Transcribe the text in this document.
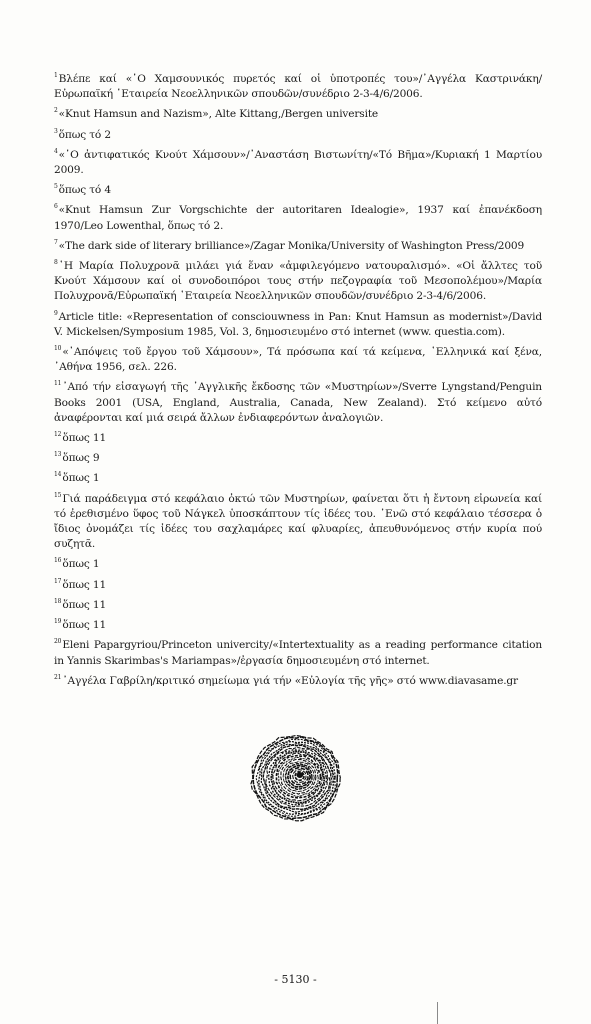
$^1$Βλέπε καί «῾Ο Χαμσουνικός πυρετός καί οἱ ὑποτροπές του»/᾿Αγγέλα Καστρινάκη/Εὐρωπαϊκή ῾Εταιρεία Νεοελληνικῶν σπουδῶν/συνέδριο 2-3-4/6/2006.

$^2$«Knut Hamsun and Nazism», Alte Kittang,/Bergen universite

$^3$ὅπως τό 2

$^4$«῾Ο ἀντιφατικός Κνούτ Χάμσουν»/᾿Αναστάση Βιστωνίτη/«Τό Βῆμα»/Κυριακή 1 Μαρτίου 2009.

$^5$ὅπως τό 4

$^6$«Knut Hamsun Zur Vorgschichte der autoritaren Idealogie», 1937 καί ἐπανέκδοση 1970/Leo Lowenthal, ὅπως τό 2.

$^7$«The dark side of literary brilliance»/Zagar Monika/University of Washington Press/2009

$^8$῾Η Μαρία Πολυχρονᾶ μιλάει γιά ἕναν «ἀμφιλεγόμενο νατουραλισμό». «Οἱ ἄλλτες τοῦ Κνούτ Χάμσουν καί οἱ συνοδοιπόροι τους στήν πεζογραφία τοῦ Μεσοπολέμου»/Μαρία Πολυχρονᾶ/Εὐρωπαϊκή ῾Εταιρεία Νεοελληνικῶν σπουδῶν/συνέδριο 2-3-4/6/2006.

$^9$Article title: «Representation of consciouwness in Pan: Knut Hamsun as modernist»/David V. Mickelsen/Symposium 1985, Vol. 3, δημοσιευμένο στό internet (www. questia.com).

$^{10}$«᾿Απόψεις τοῦ ἔργου τοῦ Χάμσουν», Τά πρόσωπα καί τά κείμενα, ῾Ελληνικά καί ξένα, ᾿Αθήνα 1956, σελ. 226.

$^{11}$᾿Από τήν εἰσαγωγή τῆς ᾿Αγγλικῆς ἔκδοσης τῶν «Μυστηρίων»/Sverre Lyngstand/Penguin Books 2001 (USA, England, Australia, Canada, New Zealand). Στό κείμενο αὐτό ἀναφέρονται καί μιά σειρά ἄλλων ἐνδιαφερόντων ἀναλογιῶν.

$^{12}$ὅπως 11

$^{13}$ὅπως 9

$^{14}$ὅπως 1

$^{15}$Γιά παράδειγμα στό κεφάλαιο ὀκτώ τῶν Μυστηρίων, φαίνεται ὅτι ἡ ἔντονη εἰρωνεία καί τό ἐρεθισμένο ὕφος τοῦ Νάγκελ ὑποσκάπτουν τίς ἰδέες του. ᾿Ενῶ στό κεφάλαιο τέσσερα ὁ ἴδιος ὀνομάζει τίς ἰδέες του σαχλαμάρες καί φλυαρίες, ἀπευθυνόμενος στήν κυρία πού συζητᾶ.

$^{16}$ὅπως 1

$^{17}$ὅπως 11

$^{18}$ὅπως 11

$^{19}$ὅπως 11

$^{20}$Eleni Papargyriou/Princeton univercity/«Intertextuality as a reading performance citation in Yannis Skarimbas's Mariampas»/ἐργασία δημοσιευμένη στό internet.

$^{21}$᾿Αγγέλα Γαβρίλη/κριτικό σημείωμα γιά τήν «Εὐλογία τῆς γῆς» στό www.diavasame.gr

- 5130 -
